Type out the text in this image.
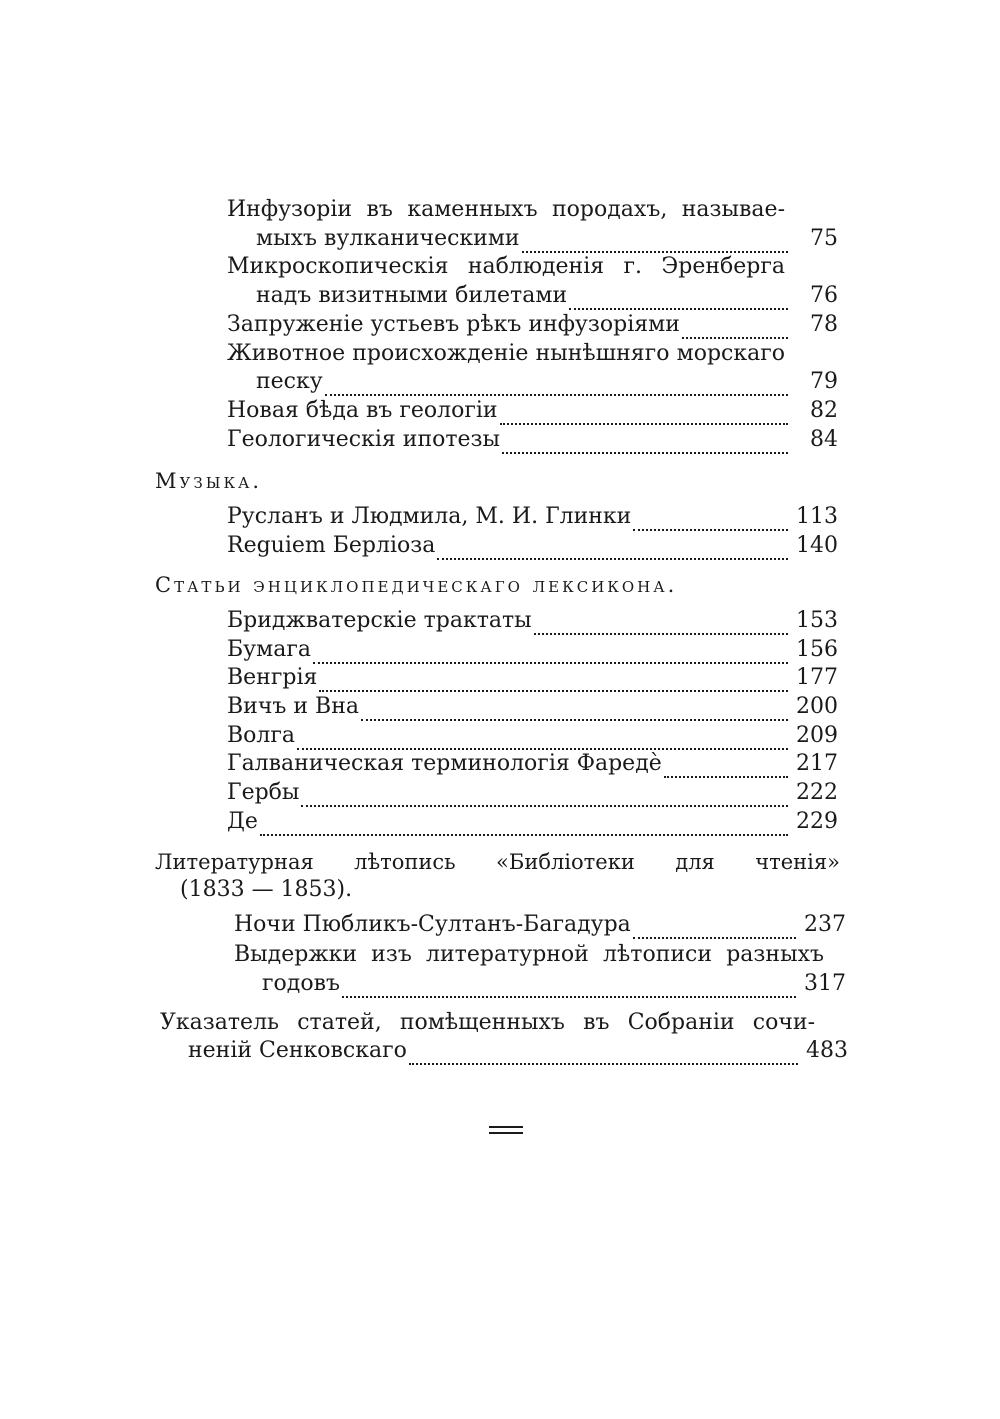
Инфузоріи въ каменныхъ породахъ, называе-
мыхъ вулканическими	75
Микроскопическія наблюденія г. Эренберга
надъ визитными билетами	76
Запруженіе устьевъ рѣкъ инфузоріями	78
Животное происхожденіе нынѣшняго морскаго
песку	79
Новая бѣда въ геологіи	82
Геологическія ипотезы	84
Музыка.
Русланъ и Людмила, М. И. Глинки	113
Reguiem Берліоза	140
Статьи энциклопедическаго лексикона.
Бриджватерскіе трактаты	153
Бумага	156
Венгрія	177
Вичъ и Вна	200
Волга	209
Галваническая терминологія Фаредè	217
Гербы	222
Де	229
Литературная лѣтопись «Библіотеки для чтенія»
(1833 — 1853).
Ночи Пюбликъ-Султанъ-Багадура	237
Выдержки изъ литературной лѣтописи разныхъ
годовъ	317
Указатель статей, помѣщенныхъ въ Собраніи сочи-
неній Сенковскаго	483
